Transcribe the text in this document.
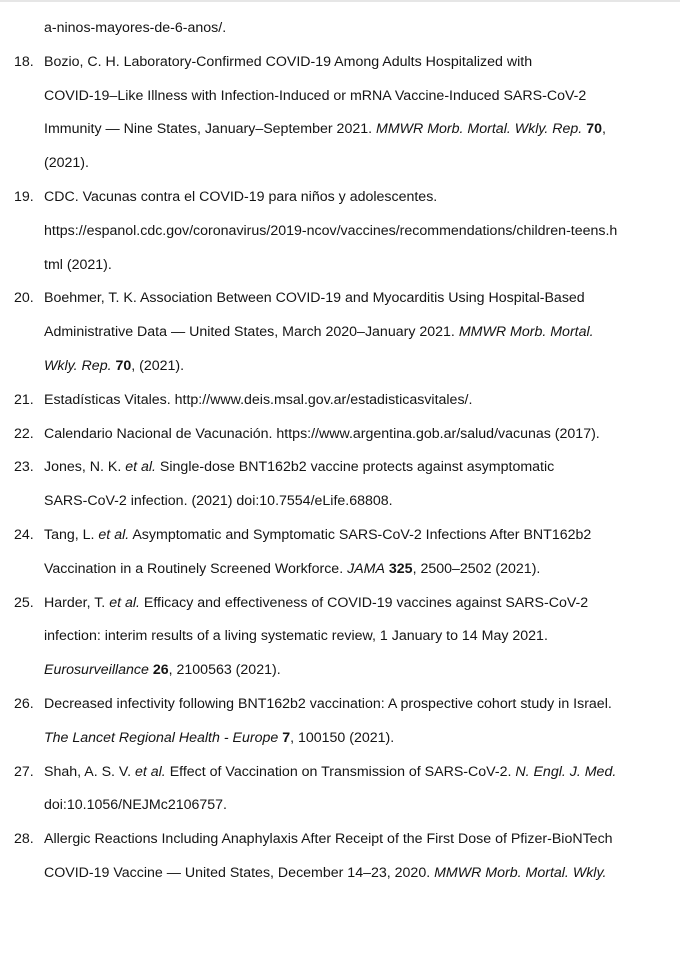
a-ninos-mayores-de-6-anos/.
18. Bozio, C. H. Laboratory-Confirmed COVID-19 Among Adults Hospitalized with
COVID-19–Like Illness with Infection-Induced or mRNA Vaccine-Induced SARS-CoV-2
Immunity — Nine States, January–September 2021. MMWR Morb. Mortal. Wkly. Rep. 70,
(2021).
19. CDC. Vacunas contra el COVID-19 para niños y adolescentes.
https://espanol.cdc.gov/coronavirus/2019-ncov/vaccines/recommendations/children-teens.h
tml (2021).
20. Boehmer, T. K. Association Between COVID-19 and Myocarditis Using Hospital-Based
Administrative Data — United States, March 2020–January 2021. MMWR Morb. Mortal.
Wkly. Rep. 70, (2021).
21. Estadísticas Vitales. http://www.deis.msal.gov.ar/estadisticasvitales/.
22. Calendario Nacional de Vacunación. https://www.argentina.gob.ar/salud/vacunas (2017).
23. Jones, N. K. et al. Single-dose BNT162b2 vaccine protects against asymptomatic
SARS-CoV-2 infection. (2021) doi:10.7554/eLife.68808.
24. Tang, L. et al. Asymptomatic and Symptomatic SARS-CoV-2 Infections After BNT162b2
Vaccination in a Routinely Screened Workforce. JAMA 325, 2500–2502 (2021).
25. Harder, T. et al. Efficacy and effectiveness of COVID-19 vaccines against SARS-CoV-2
infection: interim results of a living systematic review, 1 January to 14 May 2021.
Eurosurveillance 26, 2100563 (2021).
26. Decreased infectivity following BNT162b2 vaccination: A prospective cohort study in Israel.
The Lancet Regional Health - Europe 7, 100150 (2021).
27. Shah, A. S. V. et al. Effect of Vaccination on Transmission of SARS-CoV-2. N. Engl. J. Med.
doi:10.1056/NEJMc2106757.
28. Allergic Reactions Including Anaphylaxis After Receipt of the First Dose of Pfizer-BioNTech
COVID-19 Vaccine — United States, December 14–23, 2020. MMWR Morb. Mortal. Wkly.
